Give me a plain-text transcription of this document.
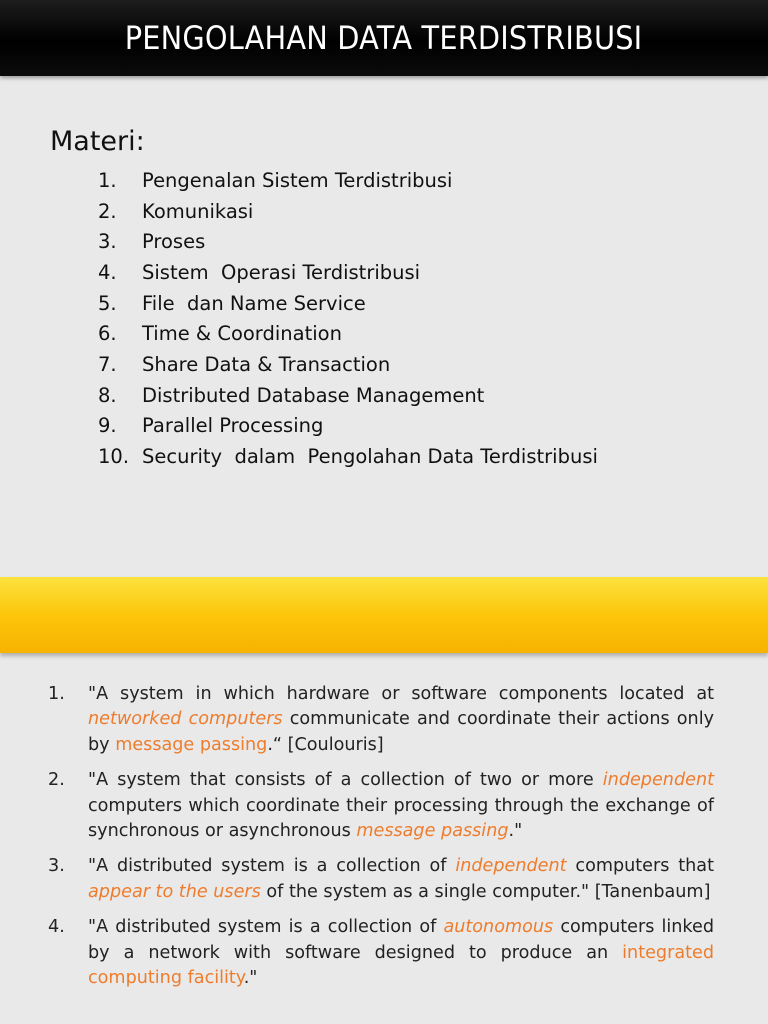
PENGOLAHAN DATA TERDISTRIBUSI
Materi:
1.	Pengenalan Sistem Terdistribusi
2.	Komunikasi
3.	Proses
4.	Sistem  Operasi Terdistribusi
5.	File  dan Name Service
6.	Time & Coordination
7.	Share Data & Transaction
8.	Distributed Database Management
9.	Parallel Processing
10. Security  dalam  Pengolahan Data Terdistribusi
1.	"A system in which hardware or software components located at networked computers communicate and coordinate their actions only by message passing.“ [Coulouris]
2.	"A system that consists of a collection of two or more independent computers which coordinate their processing through the exchange of synchronous or asynchronous message passing."
3.	"A distributed system is a collection of independent computers that appear to the users of the system as a single computer." [Tanenbaum]
4.	"A distributed system is a collection of autonomous computers linked by a network with software designed to produce an integrated computing facility."
